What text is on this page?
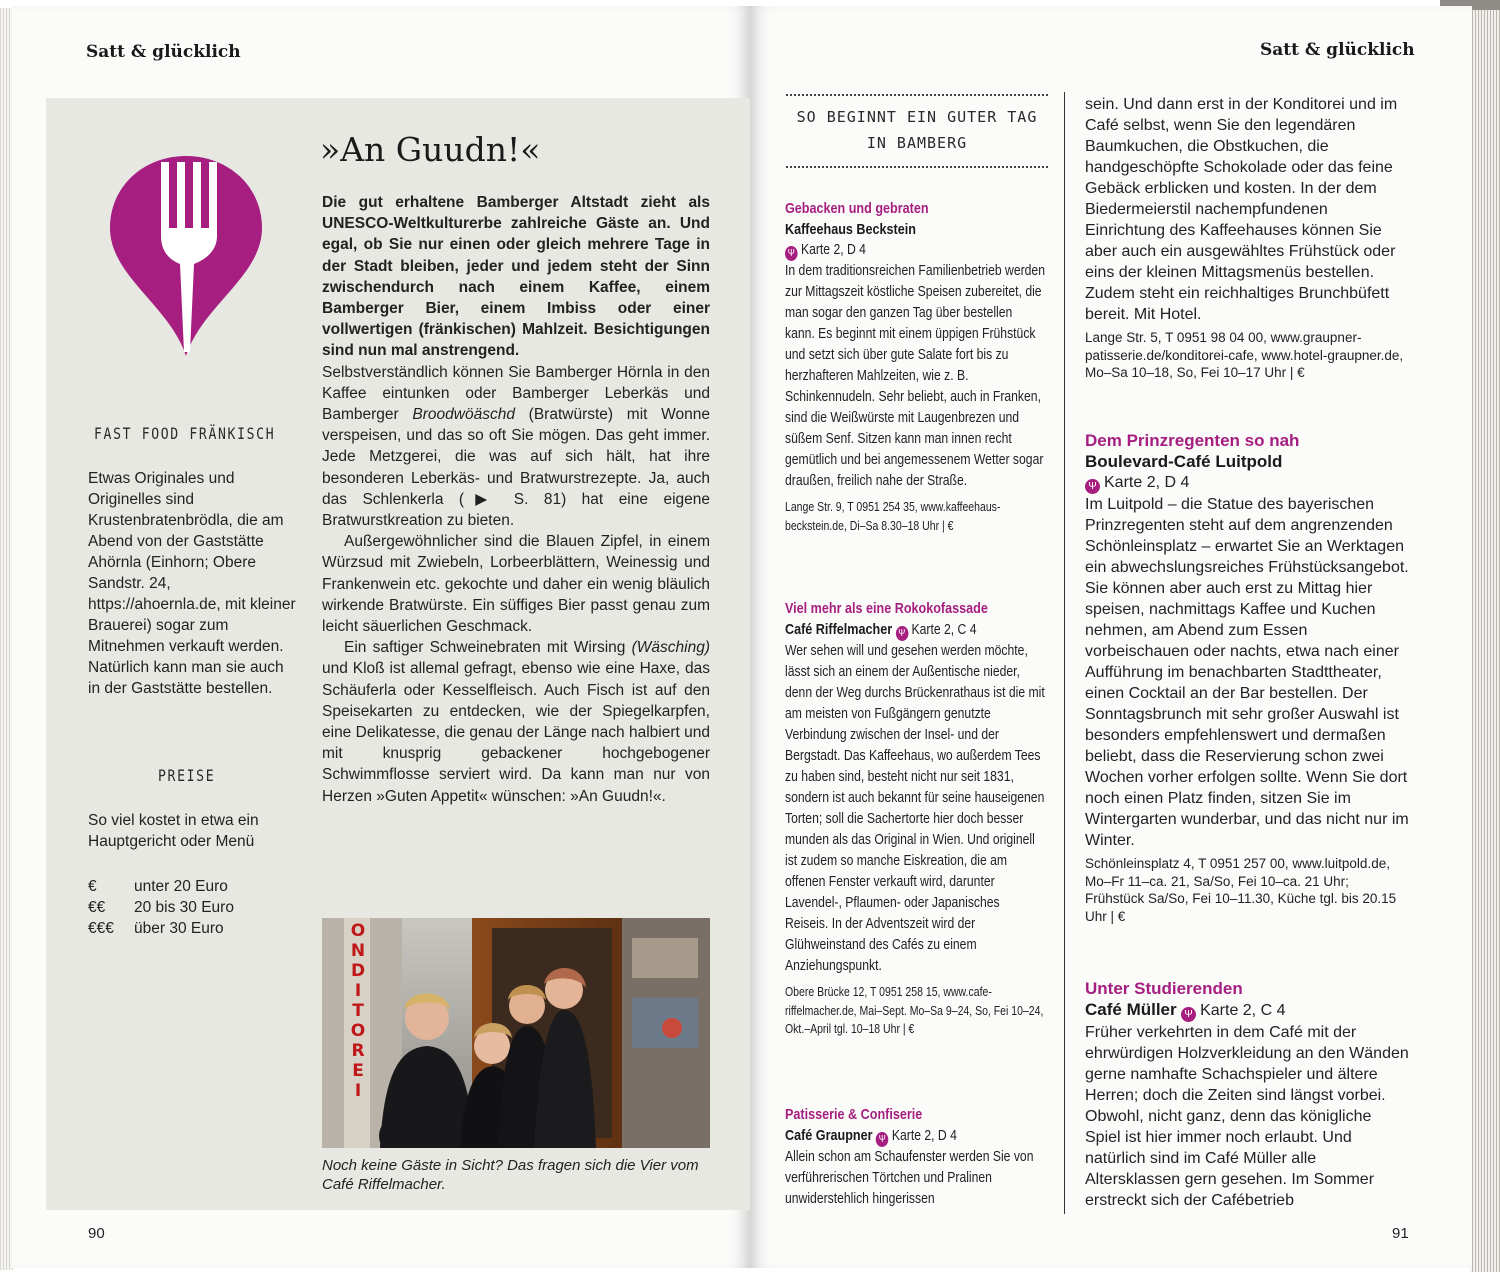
Satt & glücklich
FAST FOOD FRÄNKISCH
Etwas Originales und Originelles sind Krustenbratenbrödla, die am Abend von der Gaststätte Ahörnla (Einhorn; Obere Sandstr. 24, https://ahoernla.de, mit kleiner Brauerei) sogar zum Mitnehmen verkauft werden. Natürlich kann man sie auch in der Gaststätte bestellen.
PREISE
So viel kostet in etwa ein Hauptgericht oder Menü
€	unter 20 Euro
€€	20 bis 30 Euro
€€€	über 30 Euro
»An Guudn!«

Die gut erhaltene Bamberger Altstadt zieht als UNESCO-Weltkulturerbe zahlreiche Gäste an. Und egal, ob Sie nur einen oder gleich mehrere Tage in der Stadt bleiben, jeder und jedem steht der Sinn zwischendurch nach einem Kaffee, einem Bamberger Bier, einem Imbiss oder einer vollwertigen (fränkischen) Mahlzeit. Besichtigungen sind nun mal anstrengend.

Selbstverständlich können Sie Bamberger Hörnla in den Kaffee eintunken oder Bamberger Leberkäs und Bamberger Broodwöäschd (Bratwürste) mit Wonne verspeisen, und das so oft Sie mögen. Das geht immer. Jede Metzgerei, die was auf sich hält, hat ihre besonderen Leberkäs- und Bratwurstrezepte. Ja, auch das Schlenkerla (▶ S. 81) hat eine eigene Bratwurstkreation zu bieten.

Außergewöhnlicher sind die Blauen Zipfel, in einem Würzsud mit Zwiebeln, Lorbeerblättern, Weinessig und Frankenwein etc. gekochte und daher ein wenig bläulich wirkende Bratwürste. Ein süffiges Bier passt genau zum leicht säuerlichen Geschmack.

Ein saftiger Schweinebraten mit Wirsing (Wäsching) und Kloß ist allemal gefragt, ebenso wie eine Haxe, das Schäuferla oder Kesselfleisch. Auch Fisch ist auf den Speisekarten zu entdecken, wie der Spiegelkarpfen, eine Delikatesse, die genau der Länge nach halbiert und mit knusprig gebackener hochgebogener Schwimmflosse serviert wird. Da kann man nur von Herzen »Guten Appetit« wünschen: »An Guudn!«.

O N D I T O R E I
Noch keine Gäste in Sicht? Das fragen sich die Vier vom Café Riffelmacher.
90
Satt & glücklich
SO BEGINNT EIN GUTER TAG
IN BAMBERG
Gebacken und gebraten
Kaffeehaus Beckstein
Ψ Karte 2, D 4

In dem traditionsreichen Familienbetrieb werden zur Mittagszeit köstliche Speisen zubereitet, die man sogar den ganzen Tag über bestellen kann. Es beginnt mit einem üppigen Frühstück und setzt sich über gute Salate fort bis zu herzhafteren Mahlzeiten, wie z. B. Schinkennudeln. Sehr beliebt, auch in Franken, sind die Weißwürste mit Laugenbrezen und süßem Senf. Sitzen kann man innen recht gemütlich und bei angemessenem Wetter sogar draußen, freilich nahe der Straße.

Lange Str. 9, T 0951 254 35, www.kaffeehaus-beckstein.de, Di–Sa 8.30–18 Uhr | €

Viel mehr als eine Rokokofassade
Café Riffelmacher Ψ Karte 2, C 4

Wer sehen will und gesehen werden möchte, lässt sich an einem der Außentische nieder, denn der Weg durchs Brückenrathaus ist die mit am meisten von Fußgängern genutzte Verbindung zwischen der Insel- und der Bergstadt. Das Kaffeehaus, wo außerdem Tees zu haben sind, besteht nicht nur seit 1831, sondern ist auch bekannt für seine hauseigenen Torten; soll die Sachertorte hier doch besser munden als das Original in Wien. Und originell ist zudem so manche Eiskreation, die am offenen Fenster verkauft wird, darunter Lavendel-, Pflaumen- oder Japanisches Reiseis. In der Adventszeit wird der Glühweinstand des Cafés zu einem Anziehungspunkt.

Obere Brücke 12, T 0951 258 15, www.cafe-riffelmacher.de, Mai–Sept. Mo–Sa 9–24, So, Fei 10–24, Okt.–April tgl. 10–18 Uhr | €

Patisserie & Confiserie
Café Graupner Ψ Karte 2, D 4

Allein schon am Schaufenster werden Sie von verführerischen Törtchen und Pralinen unwiderstehlich hingerissen

sein. Und dann erst in der Konditorei und im Café selbst, wenn Sie den legendären Baumkuchen, die Obstkuchen, die handgeschöpfte Schokolade oder das feine Gebäck erblicken und kosten. In der dem Biedermeierstil nachempfundenen Einrichtung des Kaffeehauses können Sie aber auch ein ausgewähltes Frühstück oder eins der kleinen Mittagsmenüs bestellen. Zudem steht ein reichhaltiges Brunchbüfett bereit. Mit Hotel.

Lange Str. 5, T 0951 98 04 00, www.graupner-patisserie.de/konditorei-cafe, www.hotel-graupner.de, Mo–Sa 10–18, So, Fei 10–17 Uhr | €

Dem Prinzregenten so nah
Boulevard-Café Luitpold
Ψ Karte 2, D 4

Im Luitpold – die Statue des bayerischen Prinzregenten steht auf dem angrenzenden Schönleinsplatz – erwartet Sie an Werktagen ein abwechslungsreiches Frühstücksangebot. Sie können aber auch erst zu Mittag hier speisen, nachmittags Kaffee und Kuchen nehmen, am Abend zum Essen vorbeischauen oder nachts, etwa nach einer Aufführung im benachbarten Stadttheater, einen Cocktail an der Bar bestellen. Der Sonntagsbrunch mit sehr großer Auswahl ist besonders empfehlenswert und dermaßen beliebt, dass die Reservierung schon zwei Wochen vorher erfolgen sollte. Wenn Sie dort noch einen Platz finden, sitzen Sie im Wintergarten wunderbar, und das nicht nur im Winter.

Schönleinsplatz 4, T 0951 257 00, www.luitpold.de, Mo–Fr 11–ca. 21, Sa/So, Fei 10–ca. 21 Uhr; Frühstück Sa/So, Fei 10–11.30, Küche tgl. bis 20.15 Uhr | €

Unter Studierenden
Café Müller Ψ Karte 2, C 4

Früher verkehrten in dem Café mit der ehrwürdigen Holzverkleidung an den Wänden gerne namhafte Schachspieler und ältere Herren; doch die Zeiten sind längst vorbei. Obwohl, nicht ganz, denn das königliche Spiel ist hier immer noch erlaubt. Und natürlich sind im Café Müller alle Altersklassen gern gesehen. Im Sommer erstreckt sich der Cafébetrieb

91
